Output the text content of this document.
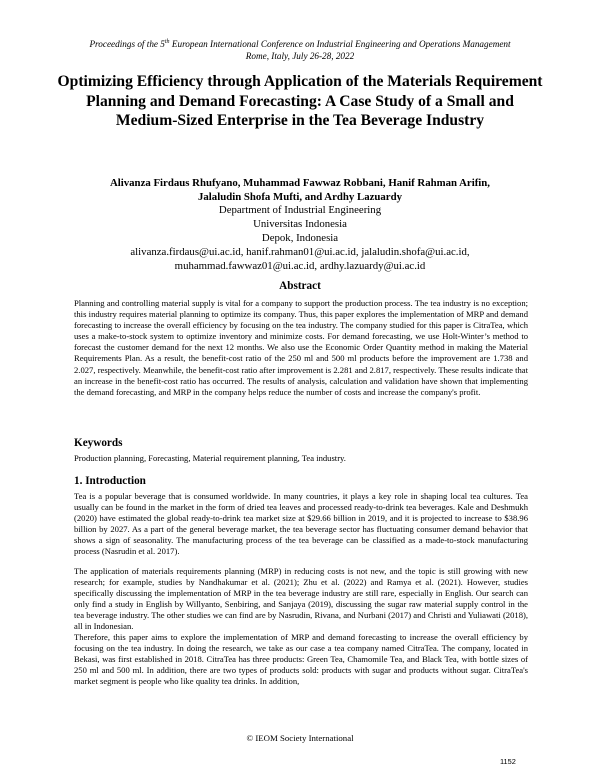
Proceedings of the 5th European International Conference on Industrial Engineering and Operations Management
Rome, Italy, July 26-28, 2022
Optimizing Efficiency through Application of the Materials Requirement Planning and Demand Forecasting: A Case Study of a Small and Medium-Sized Enterprise in the Tea Beverage Industry
Alivanza Firdaus Rhufyano, Muhammad Fawwaz Robbani, Hanif Rahman Arifin,
Jalaludin Shofa Mufti, and Ardhy Lazuardy
Department of Industrial Engineering
Universitas Indonesia
Depok, Indonesia
alivanza.firdaus@ui.ac.id, hanif.rahman01@ui.ac.id, jalaludin.shofa@ui.ac.id,
muhammad.fawwaz01@ui.ac.id, ardhy.lazuardy@ui.ac.id
Abstract
Planning and controlling material supply is vital for a company to support the production process. The tea industry is no exception; this industry requires material planning to optimize its company. Thus, this paper explores the implementation of MRP and demand forecasting to increase the overall efficiency by focusing on the tea industry. The company studied for this paper is CitraTea, which uses a make-to-stock system to optimize inventory and minimize costs. For demand forecasting, we use Holt-Winter’s method to forecast the customer demand for the next 12 months. We also use the Economic Order Quantity method in making the Material Requirements Plan. As a result, the benefit-cost ratio of the 250 ml and 500 ml products before the improvement are 1.738 and 2.027, respectively. Meanwhile, the benefit-cost ratio after improvement is 2.281 and 2.817, respectively. These results indicate that an increase in the benefit-cost ratio has occurred. The results of analysis, calculation and validation have shown that implementing the demand forecasting, and MRP in the company helps reduce the number of costs and increase the company's profit.
Keywords
Production planning, Forecasting, Material requirement planning, Tea industry.
1. Introduction
Tea is a popular beverage that is consumed worldwide. In many countries, it plays a key role in shaping local tea cultures. Tea usually can be found in the market in the form of dried tea leaves and processed ready-to-drink tea beverages. Kale and Deshmukh (2020) have estimated the global ready-to-drink tea market size at $29.66 billion in 2019, and it is projected to increase to $38.96 billion by 2027. As a part of the general beverage market, the tea beverage sector has fluctuating consumer demand behavior that shows a sign of seasonality. The manufacturing process of the tea beverage can be classified as a made-to-stock manufacturing process (Nasrudin et al. 2017).
The application of materials requirements planning (MRP) in reducing costs is not new, and the topic is still growing with new research; for example, studies by Nandhakumar et al. (2021); Zhu et al. (2022) and Ramya et al. (2021). However, studies specifically discussing the implementation of MRP in the tea beverage industry are still rare, especially in English. Our search can only find a study in English by Willyanto, Senbiring, and Sanjaya (2019), discussing the sugar raw material supply control in the tea beverage industry. The other studies we can find are by Nasrudin, Rivana, and Nurbani (2017) and Christi and Yuliawati (2018), all in Indonesian.
Therefore, this paper aims to explore the implementation of MRP and demand forecasting to increase the overall efficiency by focusing on the tea industry. In doing the research, we take as our case a tea company named CitraTea. The company, located in Bekasi, was first established in 2018. CitraTea has three products: Green Tea, Chamomile Tea, and Black Tea, with bottle sizes of 250 ml and 500 ml. In addition, there are two types of products sold: products with sugar and products without sugar. CitraTea's market segment is people who like quality tea drinks. In addition,
© IEOM Society International
1152
